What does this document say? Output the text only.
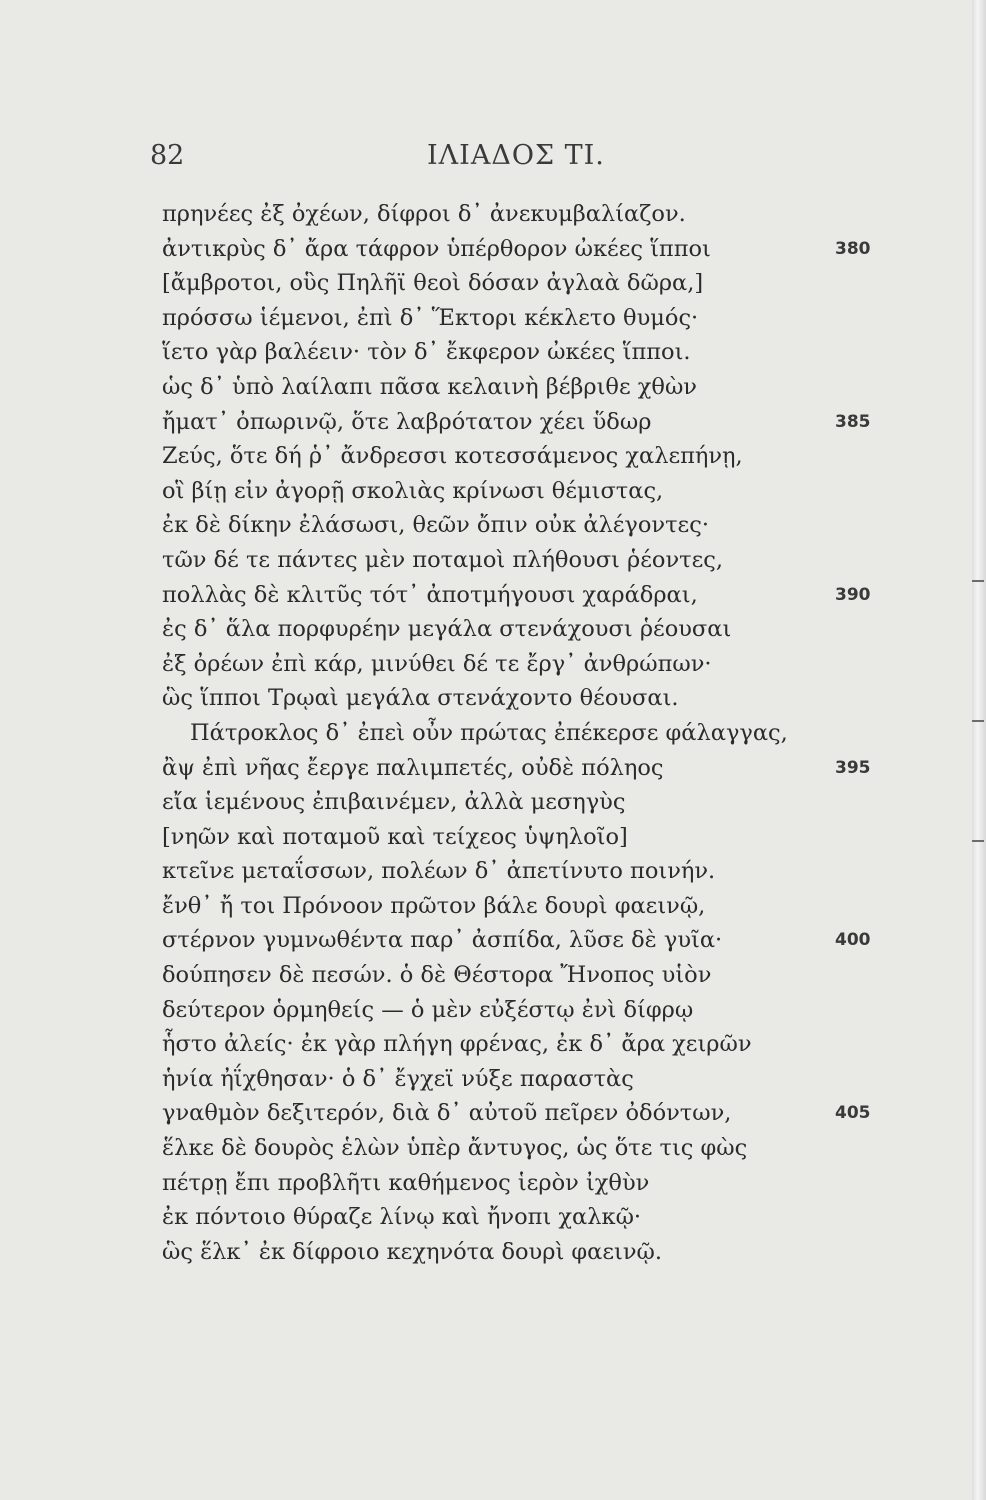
82	ΙΛΙΑΔΟΣ ΤΙ.
πρηνέες ἐξ ὀχέων, δίφροι δ᾽ ἀνεκυμβαλίαζον.
ἀντικρὺς δ᾽ ἄρα τάφρον ὑπέρθορον ὠκέες ἵπποι	380
[ἄμβροτοι, οὓς Πηλῆϊ θεοὶ δόσαν ἀγλαὰ δῶρα,]
πρόσσω ἱέμενοι, ἐπὶ δ᾽ Ἕκτορι κέκλετο θυμός·
ἵετο γὰρ βαλέειν· τὸν δ᾽ ἔκφερον ὠκέες ἵπποι.
ὡς δ᾽ ὑπὸ λαίλαπι πᾶσα κελαινὴ βέβριθε χθὼν
ἤματ᾽ ὀπωρινῷ, ὅτε λαβρότατον χέει ὕδωρ	385
Ζεύς, ὅτε δή ῥ᾽ ἄνδρεσσι κοτεσσάμενος χαλεπήνῃ,
οἳ βίῃ εἰν ἀγορῇ σκολιὰς κρίνωσι θέμιστας,
ἐκ δὲ δίκην ἐλάσωσι, θεῶν ὄπιν οὐκ ἀλέγοντες·
τῶν δέ τε πάντες μὲν ποταμοὶ πλήθουσι ῥέοντες,
πολλὰς δὲ κλιτῦς τότ᾽ ἀποτμήγουσι χαράδραι,	390
ἐς δ᾽ ἅλα πορφυρέην μεγάλα στενάχουσι ῥέουσαι
ἐξ ὀρέων ἐπὶ κάρ, μινύθει δέ τε ἔργ᾽ ἀνθρώπων·
ὣς ἵπποι Τρῳαὶ μεγάλα στενάχοντο θέουσαι.
Πάτροκλος δ᾽ ἐπεὶ οὖν πρώτας ἐπέκερσε φάλαγγας,
ἂψ ἐπὶ νῆας ἔεργε παλιμπετές, οὐδὲ πόληος	395
εἴα ἱεμένους ἐπιβαινέμεν, ἀλλὰ μεσηγὺς
[νηῶν καὶ ποταμοῦ καὶ τείχεος ὑψηλοῖο]
κτεῖνε μεταΐσσων, πολέων δ᾽ ἀπετίνυτο ποινήν.
ἔνθ᾽ ἤ τοι Πρόνοον πρῶτον βάλε δουρὶ φαεινῷ,
στέρνον γυμνωθέντα παρ᾽ ἀσπίδα, λῦσε δὲ γυῖα·	400
δούπησεν δὲ πεσών. ὁ δὲ Θέστορα Ἤνοπος υἱὸν
δεύτερον ὁρμηθείς — ὁ μὲν εὐξέστῳ ἐνὶ δίφρῳ
ἧστο ἀλείς· ἐκ γὰρ πλήγη φρένας, ἐκ δ᾽ ἄρα χειρῶν
ἡνία ἠΐχθησαν· ὁ δ᾽ ἔγχεϊ νύξε παραστὰς
γναθμὸν δεξιτερόν, διὰ δ᾽ αὐτοῦ πεῖρεν ὀδόντων,	405
ἕλκε δὲ δουρὸς ἑλὼν ὑπὲρ ἄντυγος, ὡς ὅτε τις φὼς
πέτρῃ ἔπι προβλῆτι καθήμενος ἱερὸν ἰχθὺν
ἐκ πόντοιο θύραζε λίνῳ καὶ ἤνοπι χαλκῷ·
ὣς ἕλκ᾽ ἐκ δίφροιο κεχηνότα δουρὶ φαεινῷ.
